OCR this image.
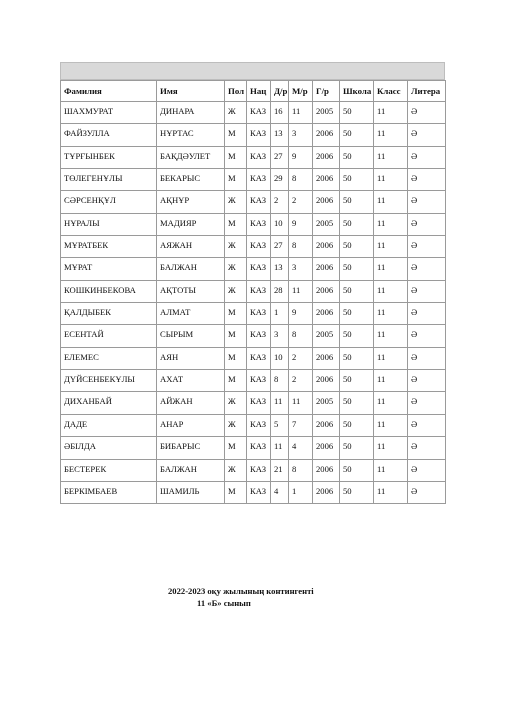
Фамилия	Имя	Пол	Нац	Д/р	М/р	Г/р	Школа	Класс	Литера
ШАХМУРАТ	ДИНАРА	Ж	КАЗ	16	11	2005	50	11	Ә
ФАЙЗУЛЛА	НҰРТАС	М	КАЗ	13	3	2006	50	11	Ә
ТҰРҒЫНБЕК	БАҚДӘУЛЕТ	М	КАЗ	27	9	2006	50	11	Ә
ТӨЛЕГЕНҰЛЫ	БЕКАРЫС	М	КАЗ	29	8	2006	50	11	Ә
СӘРСЕНҚҰЛ	АҚНҰР	Ж	КАЗ	2	2	2006	50	11	Ә
НҰРАЛЫ	МАДИЯР	М	КАЗ	10	9	2005	50	11	Ә
МҰРАТБЕК	АЯЖАН	Ж	КАЗ	27	8	2006	50	11	Ә
МҰРАТ	БАЛЖАН	Ж	КАЗ	13	3	2006	50	11	Ә
КОШКИНБЕКОВА	АҚТОТЫ	Ж	КАЗ	28	11	2006	50	11	Ә
ҚАЛДЫБЕК	АЛМАТ	М	КАЗ	1	9	2006	50	11	Ә
ЕСЕНТАЙ	СЫРЫМ	М	КАЗ	3	8	2005	50	11	Ә
ЕЛЕМЕС	АЯН	М	КАЗ	10	2	2006	50	11	Ә
ДҮЙСЕНБЕКҰЛЫ	АХАТ	М	КАЗ	8	2	2006	50	11	Ә
ДИХАНБАЙ	АЙЖАН	Ж	КАЗ	11	11	2005	50	11	Ә
ДАДЕ	АНАР	Ж	КАЗ	5	7	2006	50	11	Ә
ӘБІЛДА	БИБАРЫС	М	КАЗ	11	4	2006	50	11	Ә
БЕСТЕРЕК	БАЛЖАН	Ж	КАЗ	21	8	2006	50	11	Ә
БЕРКІМБАЕВ	ШАМИЛЬ	М	КАЗ	4	1	2006	50	11	Ә
2022-2023 оқу жылының контингенті
11 «Б» сынып
